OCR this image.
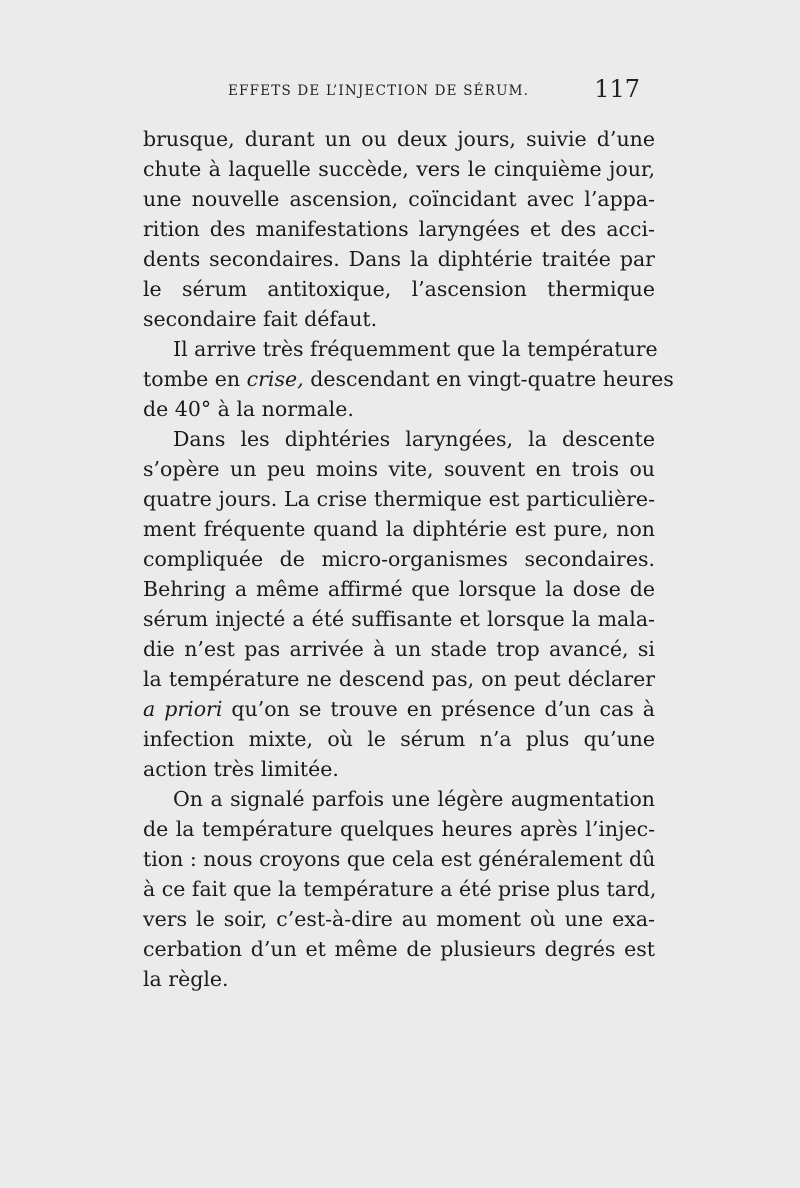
EFFETS DE L’INJECTION DE SÉRUM.	117
brusque, durant un ou deux jours, suivie d’une
chute à laquelle succède, vers le cinquième jour,
une nouvelle ascension, coïncidant avec l’appa-
rition des manifestations laryngées et des acci-
dents secondaires. Dans la diphtérie traitée par
le sérum antitoxique, l’ascension thermique
secondaire fait défaut.
Il arrive très fréquemment que la température
tombe en crise, descendant en vingt-quatre heures
de 40° à la normale.
Dans les diphtéries laryngées, la descente
s’opère un peu moins vite, souvent en trois ou
quatre jours. La crise thermique est particulière-
ment fréquente quand la diphtérie est pure, non
compliquée de micro-organismes secondaires.
Behring a même affirmé que lorsque la dose de
sérum injecté a été suffisante et lorsque la mala-
die n’est pas arrivée à un stade trop avancé, si
la température ne descend pas, on peut déclarer
a priori qu’on se trouve en présence d’un cas à
infection mixte, où le sérum n’a plus qu’une
action très limitée.
On a signalé parfois une légère augmentation
de la température quelques heures après l’injec-
tion : nous croyons que cela est généralement dû
à ce fait que la température a été prise plus tard,
vers le soir, c’est-à-dire au moment où une exa-
cerbation d’un et même de plusieurs degrés est
la règle.
